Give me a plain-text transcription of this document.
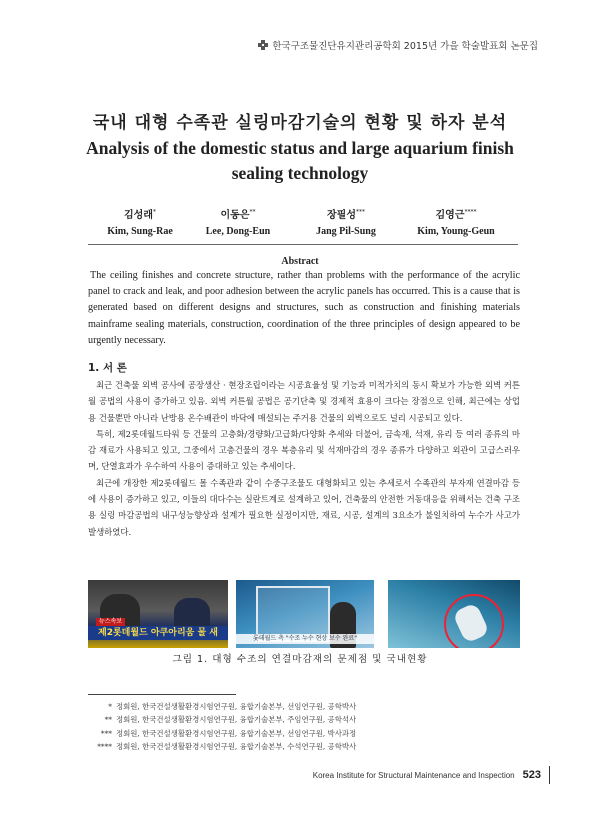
한국구조물진단유지관리공학회 2015년 가을 학술발표회 논문집
국내 대형 수족관 실링마감기술의 현황 및 하자 분석
Analysis of the domestic status and large aquarium finish sealing technology
김성래*
Kim, Sung-Rae
이동은**
Lee, Dong-Eun
장필성***
Jang Pil-Sung
김영근****
Kim, Young-Geun
Abstract
The ceiling finishes and concrete structure, rather than problems with the performance of the acrylic panel to crack and leak, and poor adhesion between the acrylic panels has occurred. This is a cause that is generated based on different designs and structures, such as construction and finishing materials mainframe sealing materials, construction, coordination of the three principles of design appeared to be urgently necessary.
1. 서 론

최근 건축물 외벽 공사에 공장생산 · 현장조립이라는 시공효율성 및 기능과 미적가치의 동시 확보가 가능한 외벽 커튼월 공법의 사용이 증가하고 있음. 외벽 커튼월 공법은 공기단축 및 경제적 효용이 크다는 장점으로 인해, 최근에는 상업용 건물뿐만 아니라 난방용 온수배관이 바닥에 매설되는 주거용 건물의 외벽으로도 널리 시공되고 있다.

특히, 제2롯데월드타워 등 건물의 고층화/경량화/고급화/다양화 추세와 더불어, 금속재, 석재, 유리 등 여러 종류의 마감 재료가 사용되고 있고, 그중에서 고층건물의 경우 복층유리 및 석재마감의 경우 종류가 다양하고 외관이 고급스러우며, 단열효과가 우수하여 사용이 증대하고 있는 추세이다.

최근에 개장한 제2롯데월드 몰 수족관과 같이 수중구조물도 대형화되고 있는 추세로서 수족관의 부자재 연결마감 등에 사용이 증가하고 있고, 이들의 대다수는 실란트계로 설계하고 있어, 건축물의 안전한 거동대응을 위해서는 건축 구조용 실링 마감공법의 내구성능향상과 설계가 필요한 실정이지만, 재료, 시공, 설계의 3요소가 불일치하여 누수가 사고가 발생하였다.

뉴스속보
제2롯데월드 아쿠아리움 물 새
롯데월드 측 "수조 누수 현상 보수 완료"
그림 1. 대형 수조의 연결마감재의 문제점 및 국내현황
* 정회원, 한국건설생활환경시험연구원, 융합기술본부, 선임연구원, 공학박사
** 정회원, 한국건설생활환경시험연구원, 융합기술본부, 주임연구원, 공학석사
*** 정회원, 한국건설생활환경시험연구원, 융합기술본부, 선임연구원, 박사과정
**** 정회원, 한국건설생활환경시험연구원, 융합기술본부, 수석연구원, 공학박사
Korea Institute for Structural Maintenance and Inspection 523
